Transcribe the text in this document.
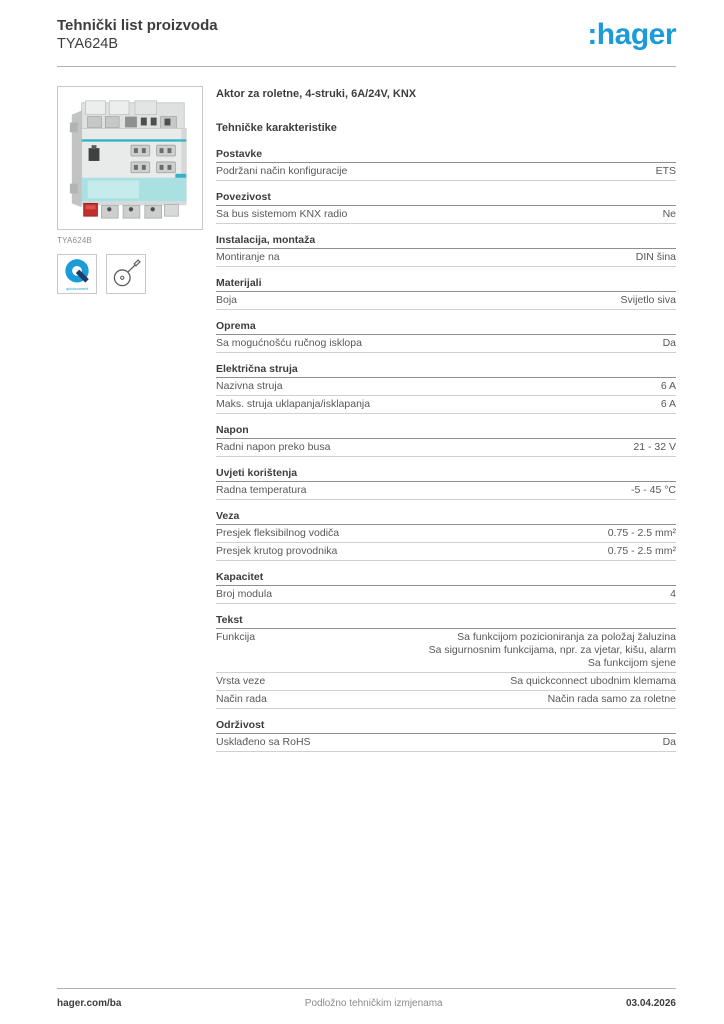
Tehnički list proizvoda
TYA624B	:hager
TYA624B
quickconnect
Aktor za roletne, 4-struki, 6A/24V, KNX
Tehničke karakteristike
Postavke
Podržani način konfiguracije	ETS
Povezivost
Sa bus sistemom KNX radio	Ne
Instalacija, montaža
Montiranje na	DIN šina
Materijali
Boja	Svijetlo siva
Oprema
Sa mogućnošću ručnog isklopa	Da
Električna struja
Nazivna struja	6 A
Maks. struja uklapanja/isklapanja	6 A
Napon
Radni napon preko busa	21 - 32 V
Uvjeti korištenja
Radna temperatura	-5 - 45 °C
Veza
Presjek fleksibilnog vodiča	0.75 - 2.5 mm²
Presjek krutog provodnika	0.75 - 2.5 mm²
Kapacitet
Broj modula	4
Tekst
Funkcija	Sa funkcijom pozicioniranja za položaj žaluzina
Sa sigurnosnim funkcijama, npr. za vjetar, kišu, alarm
Sa funkcijom sjene
Vrsta veze	Sa quickconnect ubodnim klemama
Način rada	Način rada samo za roletne
Održivost
Usklađeno sa RoHS	Da
hager.com/ba	Podložno tehničkim izmjenama	03.04.2026
